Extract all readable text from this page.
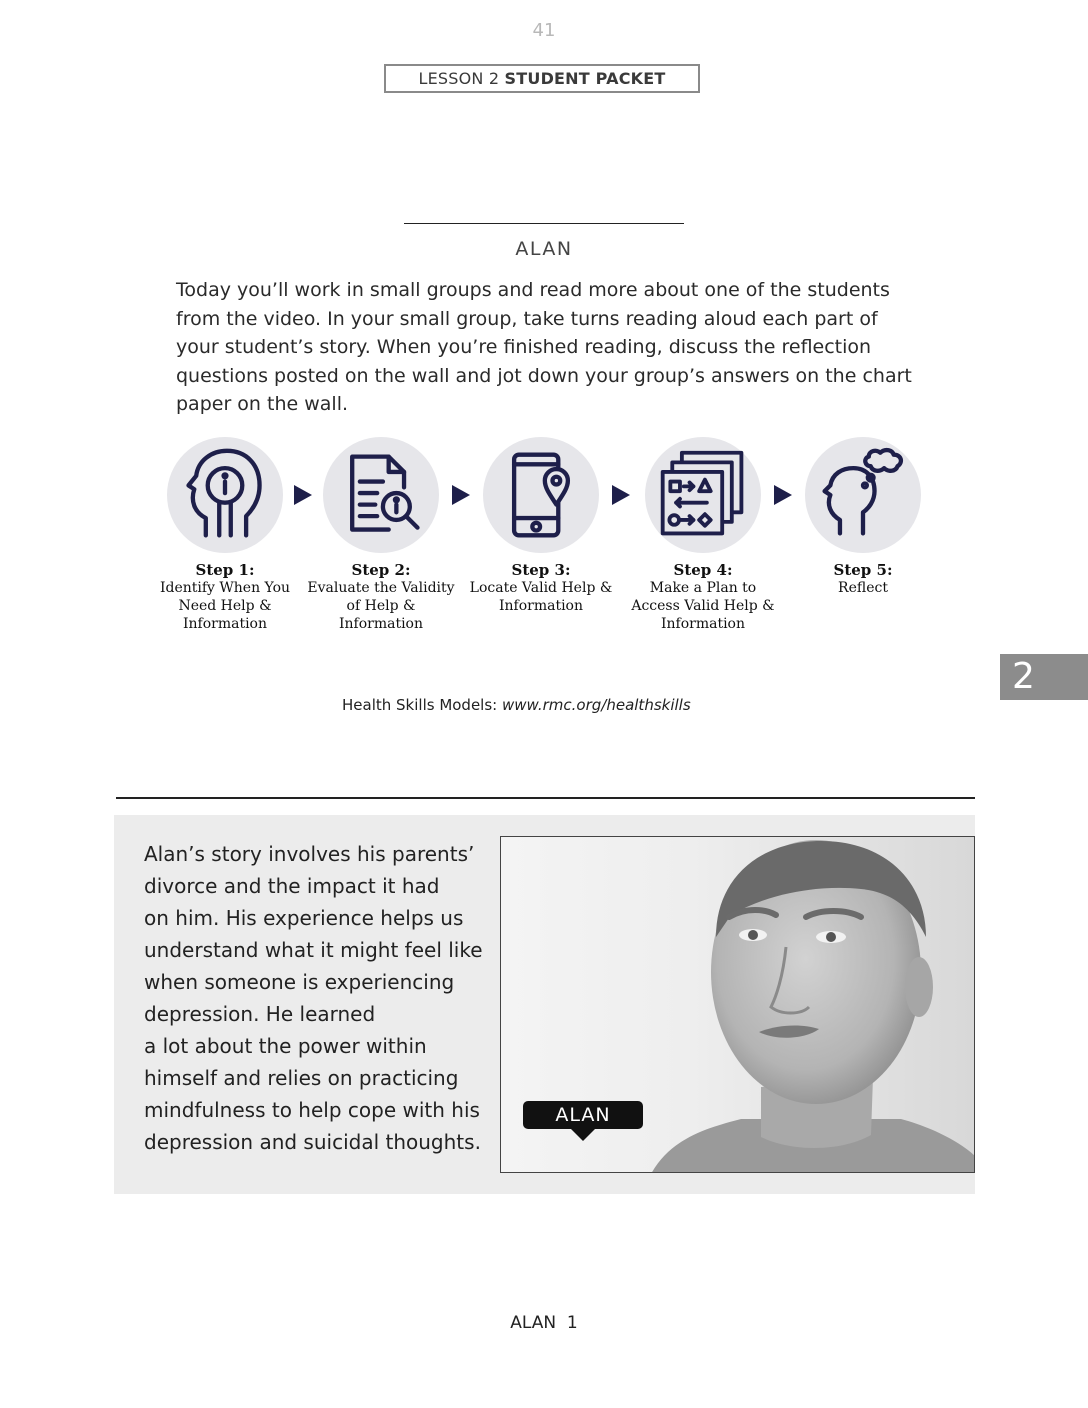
41
LESSON 2 STUDENT PACKET
ALAN
Today you’ll work in small groups and read more about one of the students from the video. In your small group, take turns reading aloud each part of your student’s story. When you’re finished reading, discuss the reflection questions posted on the wall and jot down your group’s answers on the chart paper on the wall.
Step 1:
Identify When You Need Help & Information
Step 2:
Evaluate the Validity of Help & Information
Step 3:
Locate Valid Help & Information
Step 4:
Make a Plan to Access Valid Help & Information
Step 5:
Reflect
2
Health Skills Models: www.rmc.org/healthskills
Alan’s story involves his parents’
divorce and the impact it had
on him. His experience helps us
understand what it might feel like
when someone is experiencing
depression. He learned
a lot about the power within
himself and relies on practicing
mindfulness to help cope with his
depression and suicidal thoughts.
ALAN
ALAN  1
